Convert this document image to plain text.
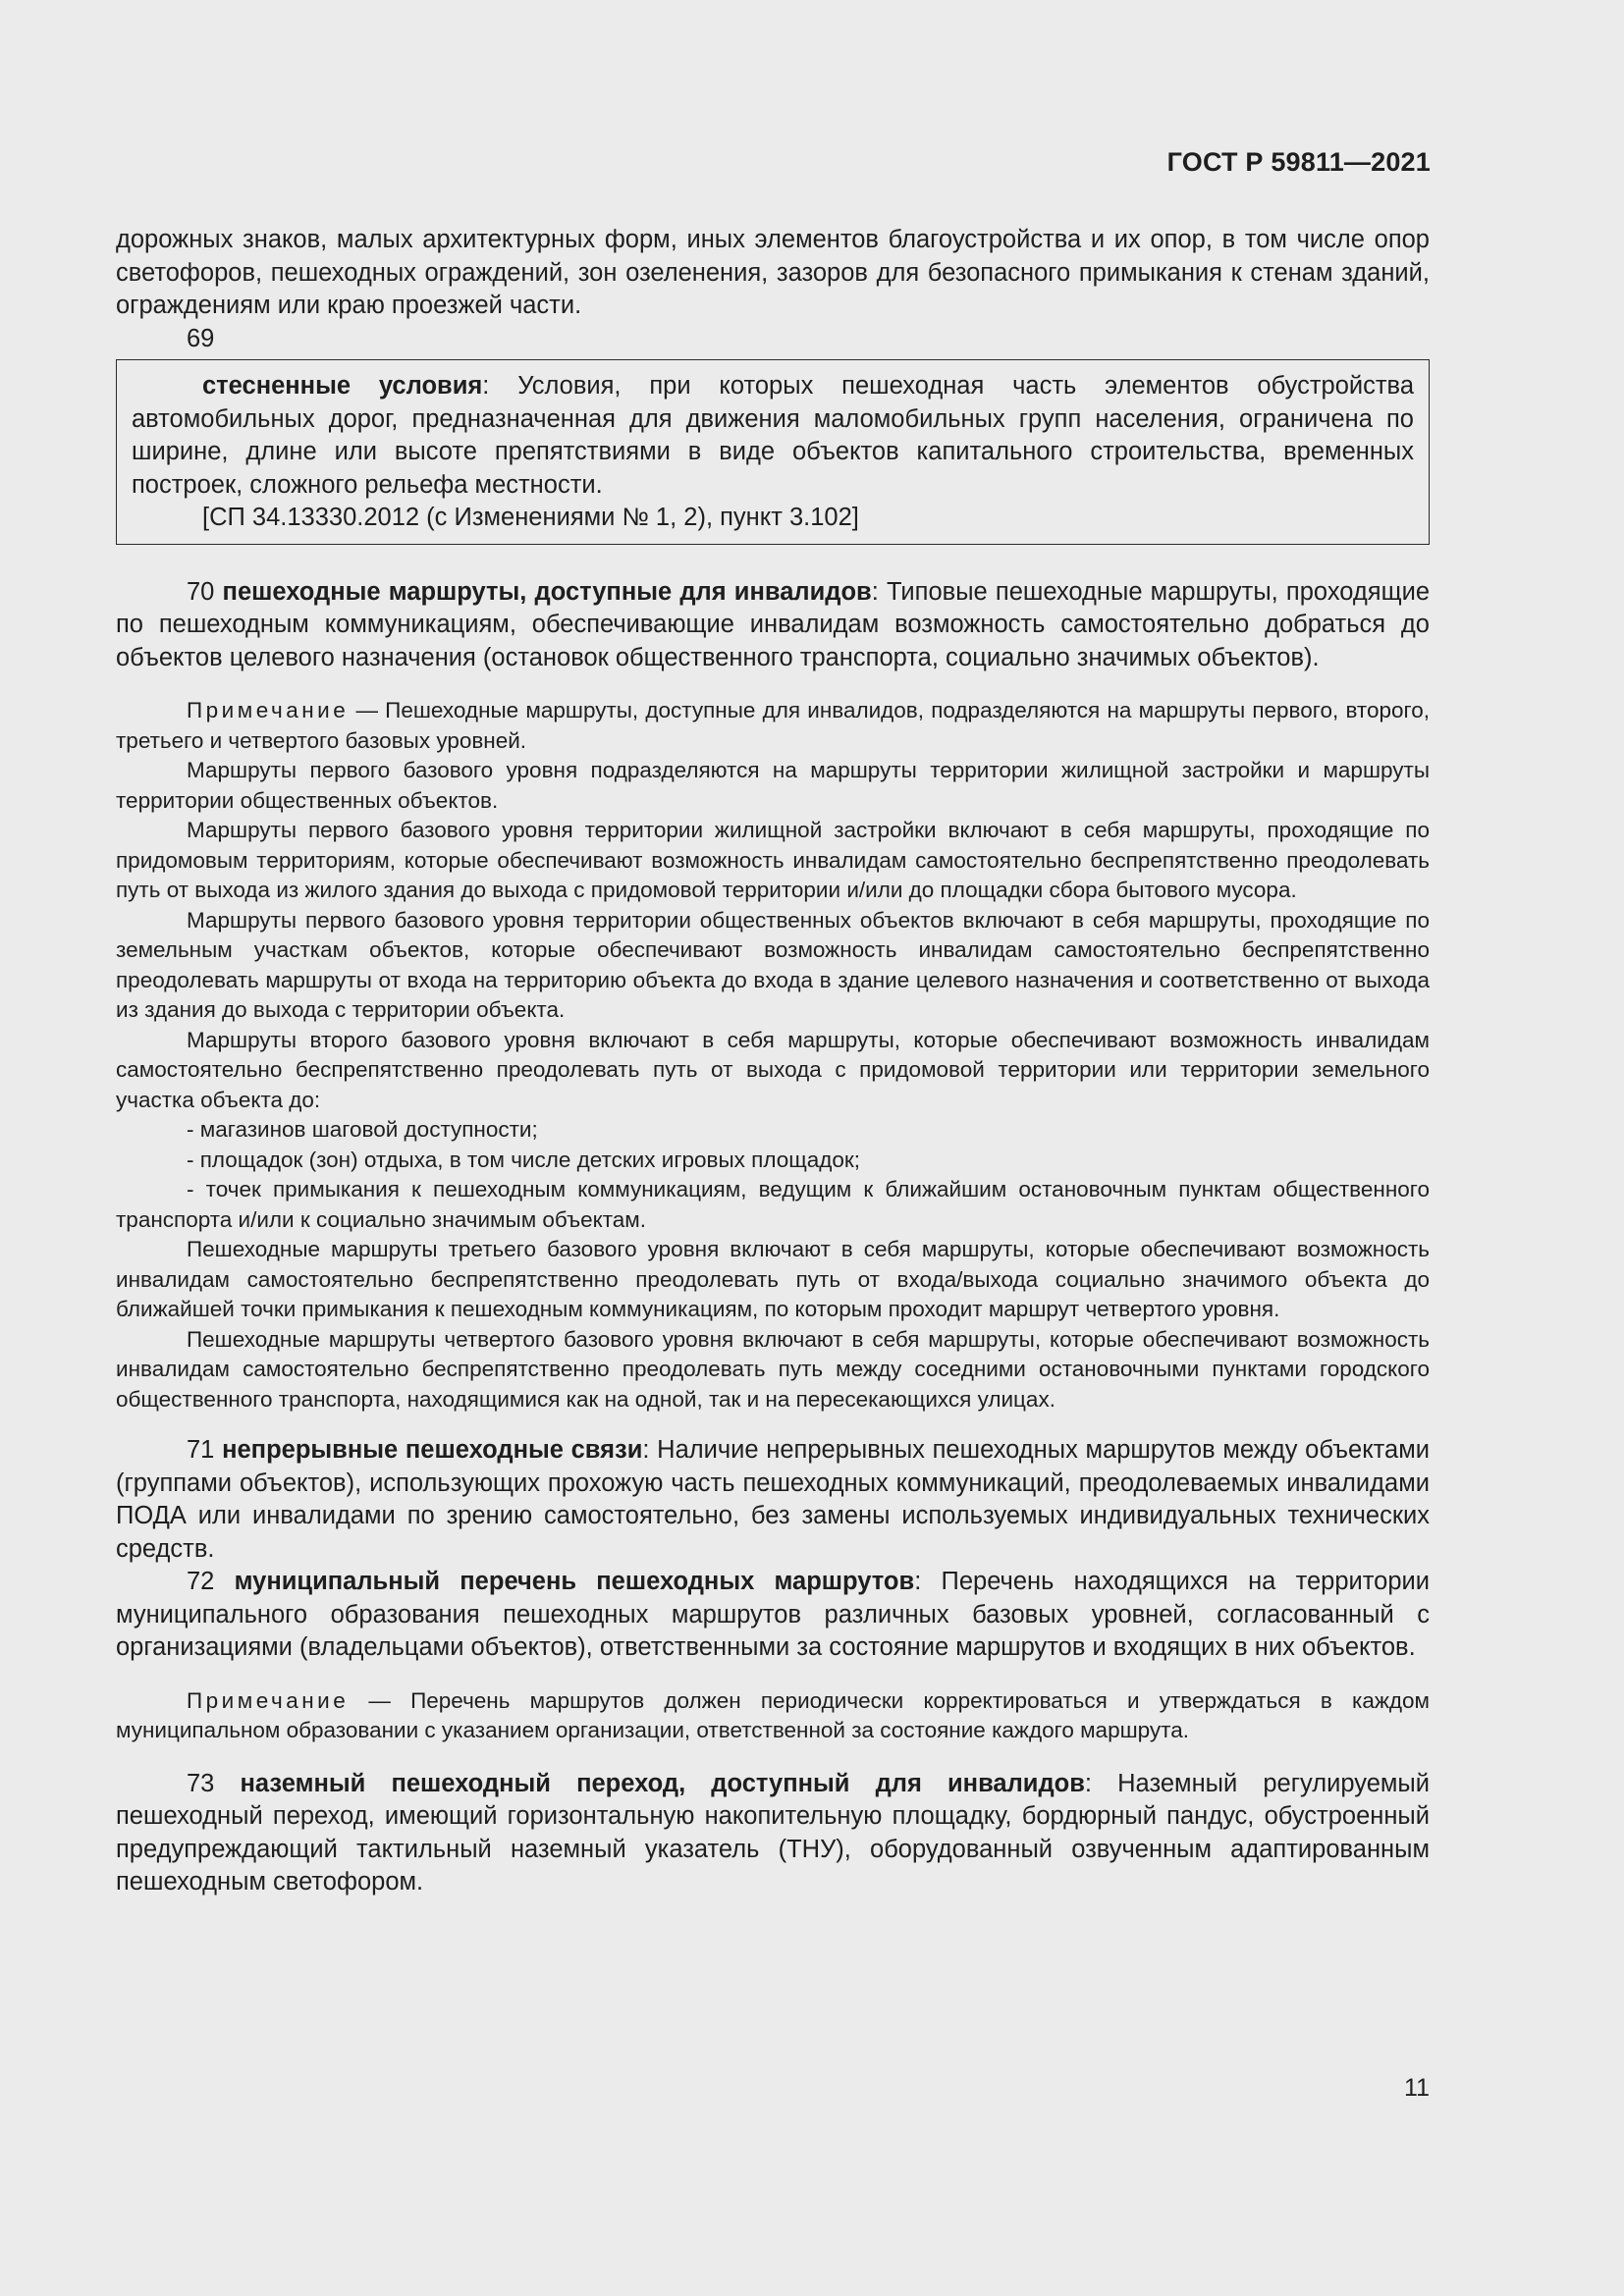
ГОСТ Р 59811—2021

дорожных знаков, малых архитектурных форм, иных элементов благоустройства и их опор, в том числе опор светофоров, пешеходных ограждений, зон озеленения, зазоров для безопасного примыкания к стенам зданий, ограждениям или краю проезжей части.

69

стесненные условия: Условия, при которых пешеходная часть элементов обустройства автомобильных дорог, предназначенная для движения маломобильных групп населения, ограничена по ширине, длине или высоте препятствиями в виде объектов капитального строительства, временных построек, сложного рельефа местности.

[СП 34.13330.2012 (с Изменениями № 1, 2), пункт 3.102]

70 пешеходные маршруты, доступные для инвалидов: Типовые пешеходные маршруты, проходящие по пешеходным коммуникациям, обеспечивающие инвалидам возможность самостоятельно добраться до объектов целевого назначения (остановок общественного транспорта, социально значимых объектов).

Примечание — Пешеходные маршруты, доступные для инвалидов, подразделяются на маршруты первого, второго, третьего и четвертого базовых уровней.

Маршруты первого базового уровня подразделяются на маршруты территории жилищной застройки и маршруты территории общественных объектов.

Маршруты первого базового уровня территории жилищной застройки включают в себя маршруты, проходящие по придомовым территориям, которые обеспечивают возможность инвалидам самостоятельно беспрепятственно преодолевать путь от выхода из жилого здания до выхода с придомовой территории и/или до площадки сбора бытового мусора.

Маршруты первого базового уровня территории общественных объектов включают в себя маршруты, проходящие по земельным участкам объектов, которые обеспечивают возможность инвалидам самостоятельно беспрепятственно преодолевать маршруты от входа на территорию объекта до входа в здание целевого назначения и соответственно от выхода из здания до выхода с территории объекта.

Маршруты второго базового уровня включают в себя маршруты, которые обеспечивают возможность инвалидам самостоятельно беспрепятственно преодолевать путь от выхода с придомовой территории или территории земельного участка объекта до:

- магазинов шаговой доступности;

- площадок (зон) отдыха, в том числе детских игровых площадок;

- точек примыкания к пешеходным коммуникациям, ведущим к ближайшим остановочным пунктам общественного транспорта и/или к социально значимым объектам.

Пешеходные маршруты третьего базового уровня включают в себя маршруты, которые обеспечивают возможность инвалидам самостоятельно беспрепятственно преодолевать путь от входа/выхода социально значимого объекта до ближайшей точки примыкания к пешеходным коммуникациям, по которым проходит маршрут четвертого уровня.

Пешеходные маршруты четвертого базового уровня включают в себя маршруты, которые обеспечивают возможность инвалидам самостоятельно беспрепятственно преодолевать путь между соседними остановочными пунктами городского общественного транспорта, находящимися как на одной, так и на пересекающихся улицах.

71 непрерывные пешеходные связи: Наличие непрерывных пешеходных маршрутов между объектами (группами объектов), использующих прохожую часть пешеходных коммуникаций, преодолеваемых инвалидами ПОДА или инвалидами по зрению самостоятельно, без замены используемых индивидуальных технических средств.

72 муниципальный перечень пешеходных маршрутов: Перечень находящихся на территории муниципального образования пешеходных маршрутов различных базовых уровней, согласованный с организациями (владельцами объектов), ответственными за состояние маршрутов и входящих в них объектов.

Примечание — Перечень маршрутов должен периодически корректироваться и утверждаться в каждом муниципальном образовании с указанием организации, ответственной за состояние каждого маршрута.

73 наземный пешеходный переход, доступный для инвалидов: Наземный регулируемый пешеходный переход, имеющий горизонтальную накопительную площадку, бордюрный пандус, обустроенный предупреждающий тактильный наземный указатель (ТНУ), оборудованный озвученным адаптированным пешеходным светофором.

11
